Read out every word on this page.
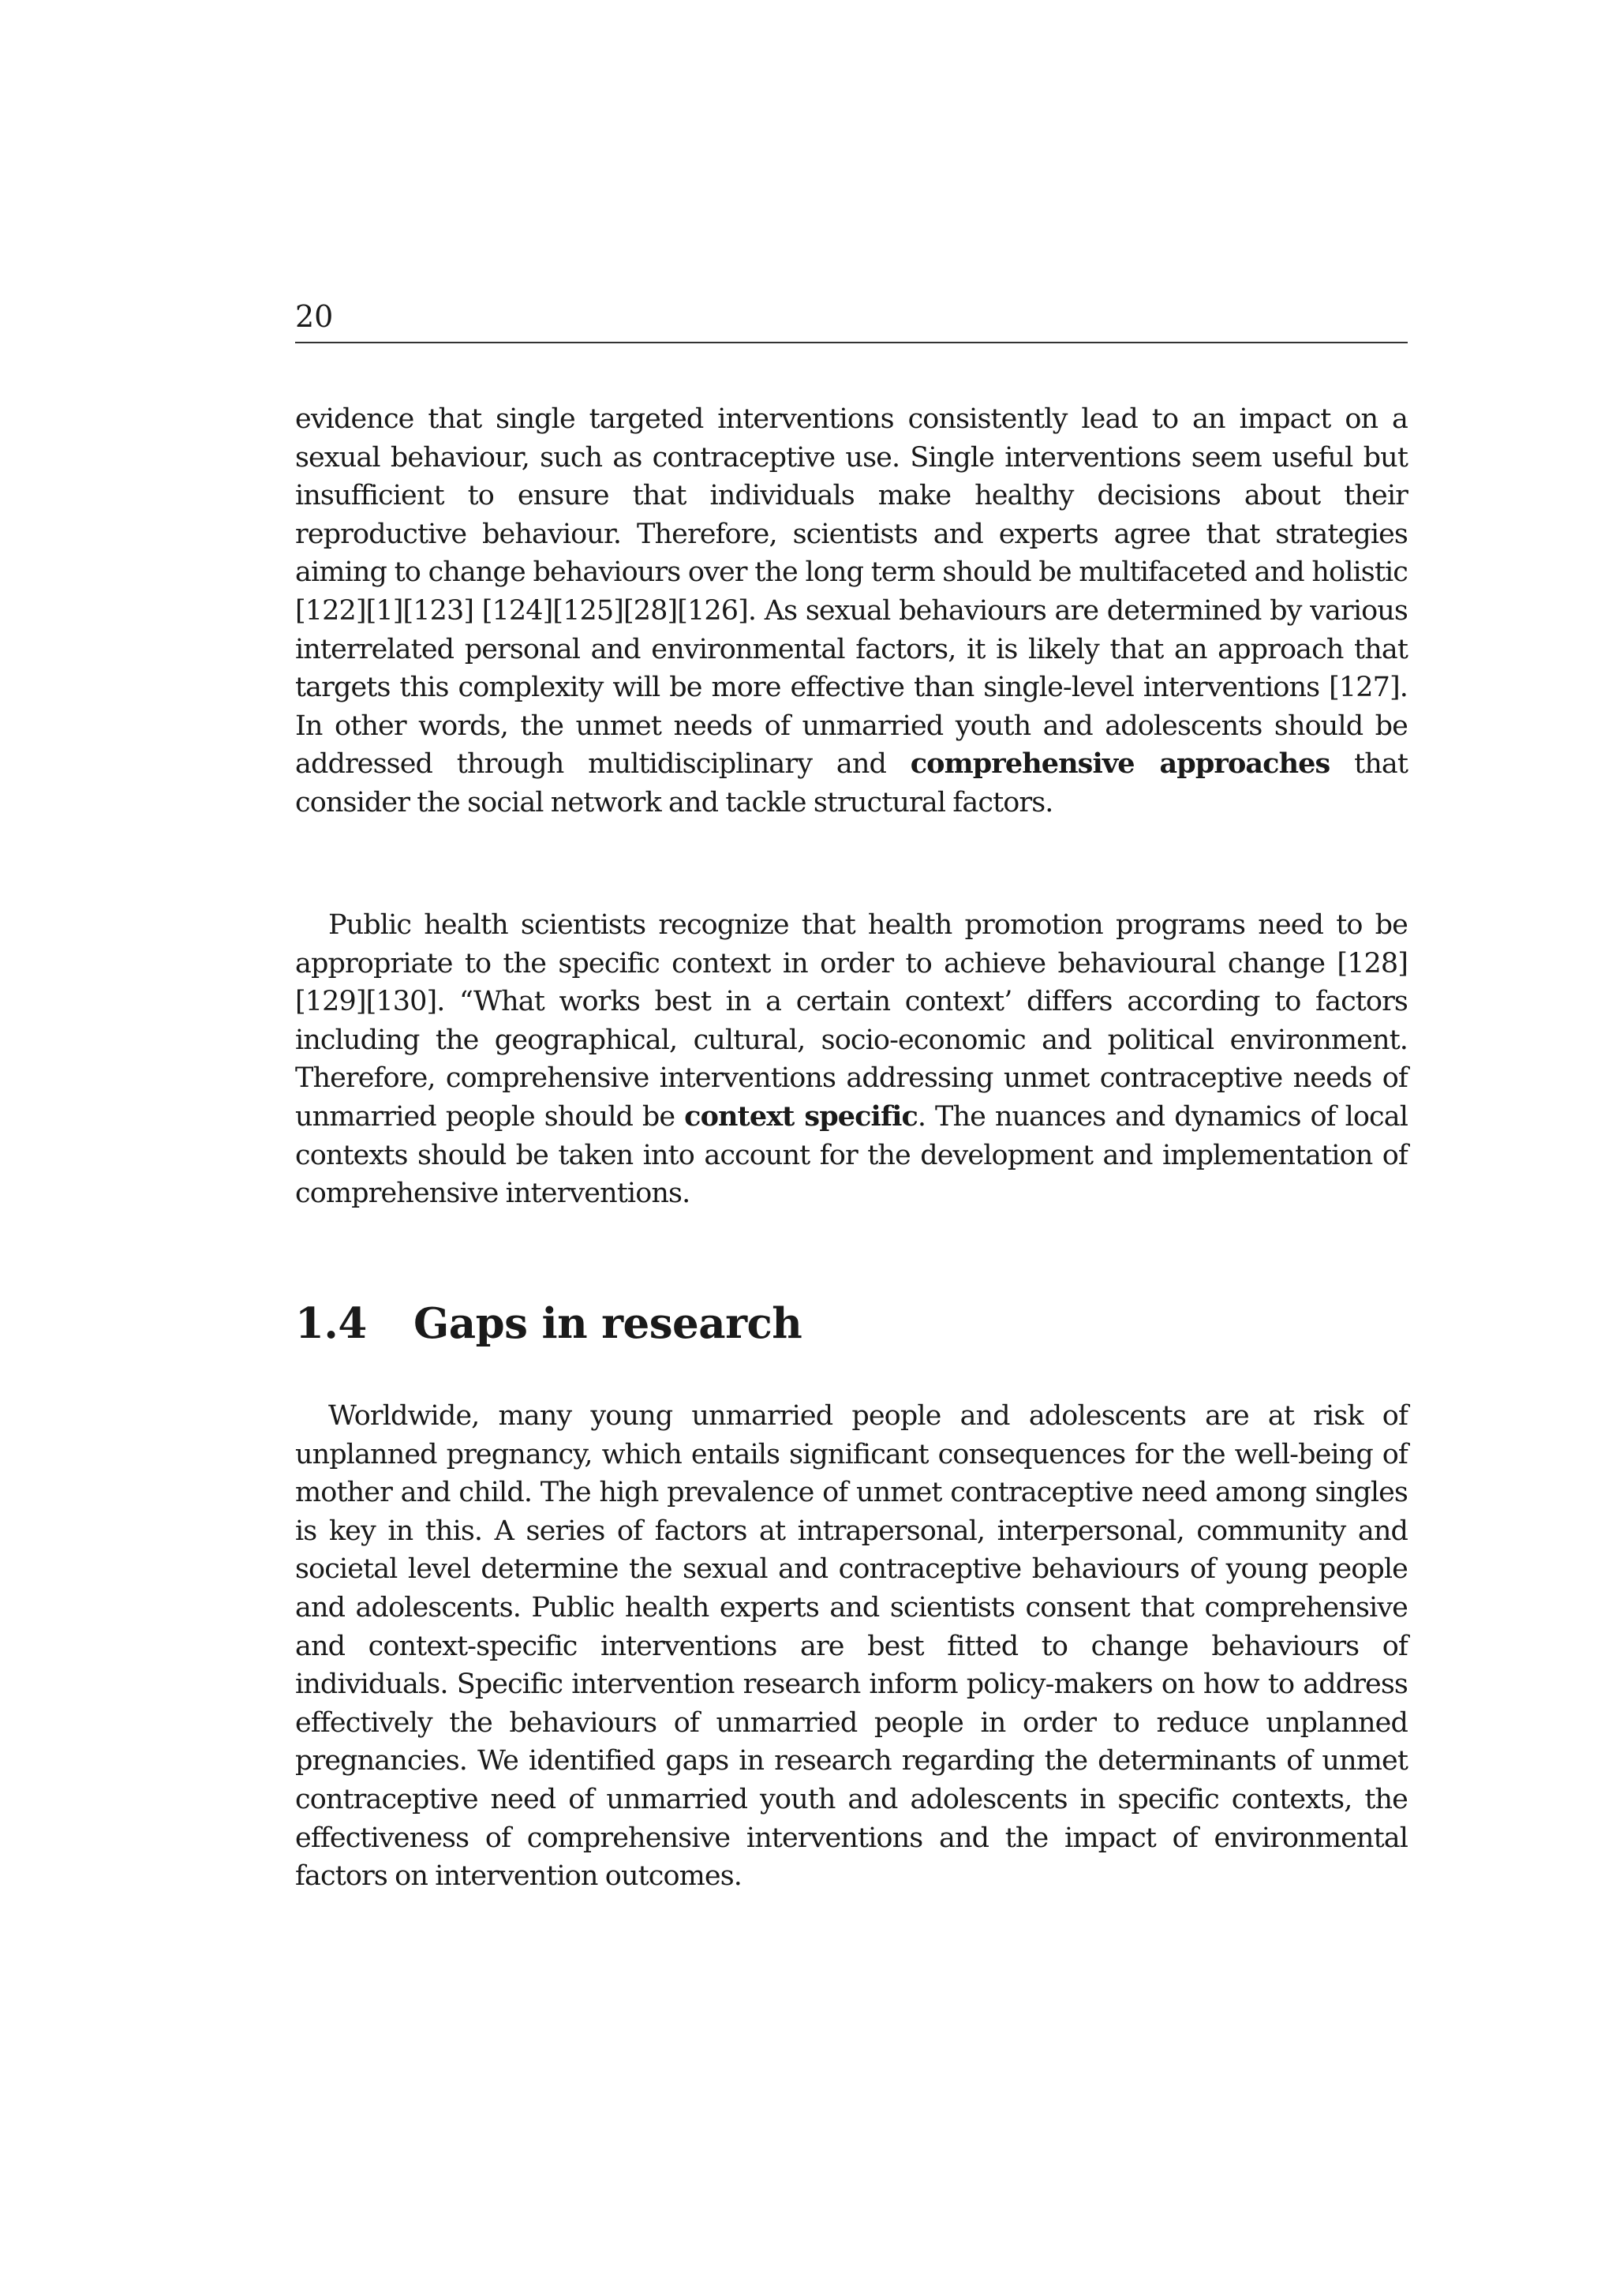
20

evidence that single targeted interventions consistently lead to an impact on a sexual behaviour, such as contraceptive use. Single interventions seem useful but insufficient to ensure that individuals make healthy decisions about their reproductive behaviour. Therefore, scientists and experts agree that strategies aiming to change behaviours over the long term should be multifaceted and holistic [122][1][123] [124][125][28][126]. As sexual behaviours are determined by various interrelated personal and environmental factors, it is likely that an approach that targets this complexity will be more effective than single-level interventions [127]. In other words, the unmet needs of unmarried youth and adolescents should be addressed through multidisciplinary and comprehensive approaches that consider the social network and tackle structural factors.

Public health scientists recognize that health promotion programs need to be appropriate to the specific context in order to achieve behavioural change [128][129][130]. “What works best in a certain context’ differs according to factors including the geographical, cultural, socio-economic and political environment. Therefore, comprehensive interventions addressing unmet contraceptive needs of unmarried people should be context specific. The nuances and dynamics of local contexts should be taken into account for the development and implementation of comprehensive interventions.

1.4 Gaps in research

Worldwide, many young unmarried people and adolescents are at risk of unplanned pregnancy, which entails significant consequences for the well-being of mother and child. The high prevalence of unmet contraceptive need among singles is key in this. A series of factors at intrapersonal, interpersonal, community and societal level determine the sexual and contraceptive behaviours of young people and adolescents. Public health experts and scientists consent that comprehensive and context-specific interventions are best fitted to change behaviours of individuals. Specific intervention research inform policy-makers on how to address effectively the behaviours of unmarried people in order to reduce unplanned pregnancies. We identified gaps in research regarding the determinants of unmet contraceptive need of unmarried youth and adolescents in specific contexts, the effectiveness of comprehensive interventions and the impact of environmental factors on intervention outcomes.
